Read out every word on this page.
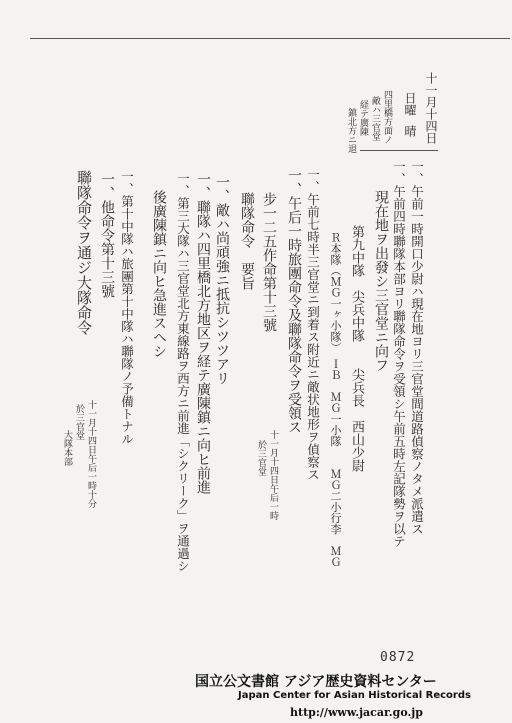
十一月十四日
日曜
晴
四里橋方面ノ
敵ハ三官堂
経テ廣陳
鎮北方ニ退
一、午前一時開口少尉ハ現在地ヨリ三官堂間道路偵察ノタメ派遣ス
一、午前四時聯隊本部ヨリ聯隊命令ヲ受領シ午前五時左記隊勢ヲ以テ
現在地ヲ出發シ三官堂ニ向フ
第九中隊　尖兵中隊　　尖兵長　西山少尉
Ｒ本隊（ＭＧ一ヶ小隊）　ＩＢ　ＭＧ一小隊　　ＭＧ二小行李　ＭＧ
一、午前七時半三官堂ニ到着ス附近ニ敵状地形ヲ偵察ス
一、午后一時旅團命令及聯隊命令ヲ受領ス
步一二五作命第十三號
聯隊命令　要旨
一、敵ハ尚頑強ニ抵抗シツツアリ
一、聯隊ハ四里橋北方地区ヲ経テ廣陳鎮ニ向ヒ前進
一、第三大隊ハ三官堂北方東線路ヲ西方ニ前進「シクリーク」ヲ通過シ
後廣陳鎮ニ向ヒ急進スヘシ
一、第十中隊ハ旅團第十中隊ハ聯隊ノ予備トナル
一、他命令第十三號
聯隊命令ヲ通ジ大隊命令
十一月十四日午后一時
於三官堂
十一月十四日午后一時十分
於三官堂
大隊本部
0872
国立公文書館 アジア歴史資料センター
Japan Center for Asian Historical Records
http://www.jacar.go.jp
